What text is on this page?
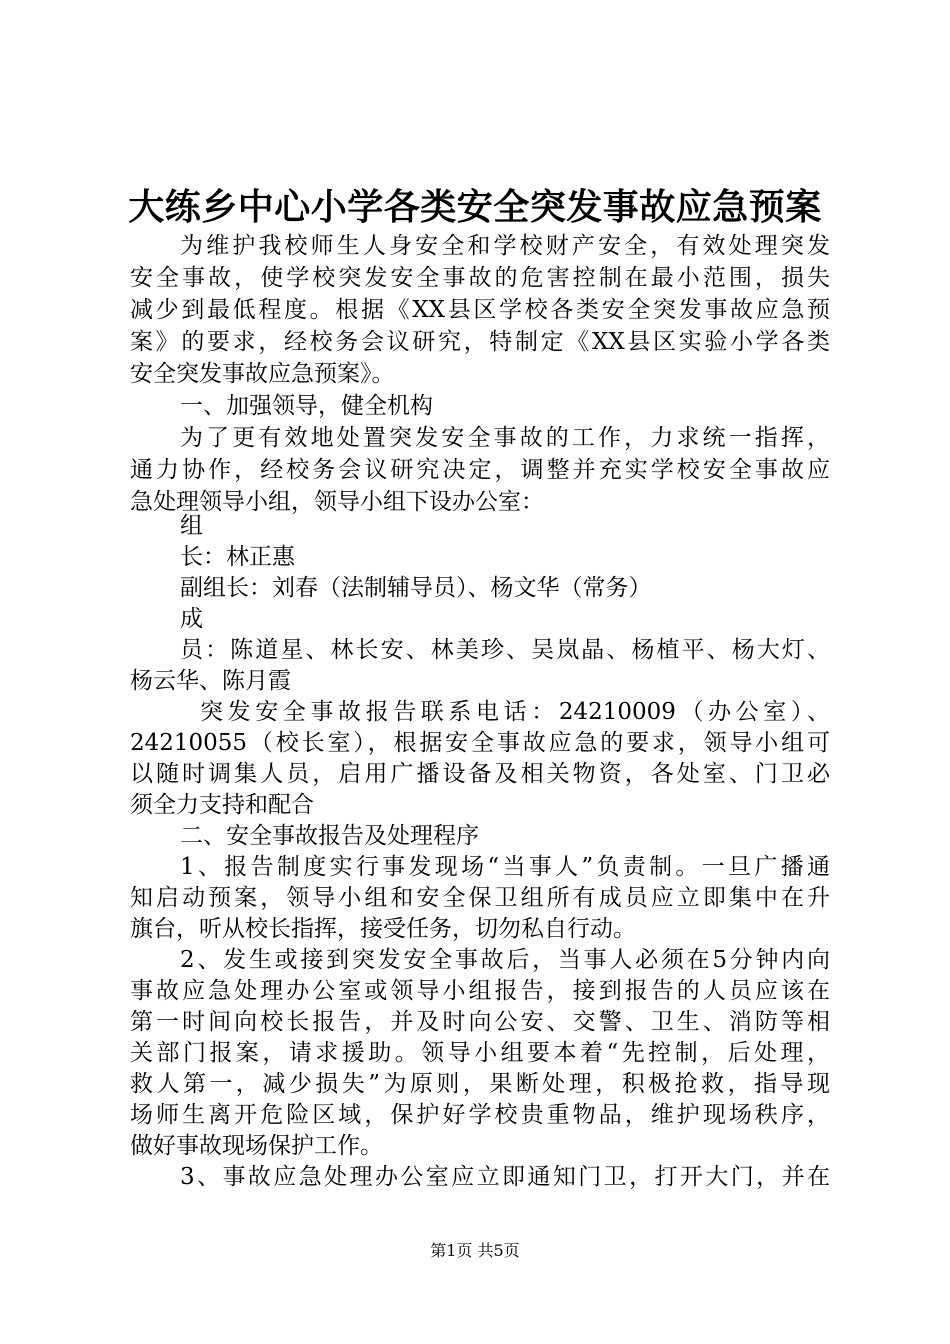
大练乡中心小学各类安全突发事故应急预案
为维护我校师生人身安全和学校财产安全，有效处理突发
安全事故，使学校突发安全事故的危害控制在最小范围，损失
减少到最低程度。根据《XX县区学校各类安全突发事故应急预
案》的要求，经校务会议研究，特制定《XX县区实验小学各类
安全突发事故应急预案》。
一、加强领导，健全机构
为了更有效地处置突发安全事故的工作，力求统一指挥，
通力协作，经校务会议研究决定，调整并充实学校安全事故应
急处理领导小组，领导小组下设办公室：
组
长：林正惠
副组长：刘春（法制辅导员）、杨文华（常务）
成
员：陈道星、林长安、林美珍、吴岚晶、杨植平、杨大灯、
杨云华、陈月霞
突发安全事故报告联系电话：24210009（办公室）、
24210055（校长室），根据安全事故应急的要求，领导小组可
以随时调集人员，启用广播设备及相关物资，各处室、门卫必
须全力支持和配合
二、安全事故报告及处理程序
1、报告制度实行事发现场“当事人”负责制。一旦广播通
知启动预案，领导小组和安全保卫组所有成员应立即集中在升
旗台，听从校长指挥，接受任务，切勿私自行动。
2、发生或接到突发安全事故后，当事人必须在5分钟内向
事故应急处理办公室或领导小组报告，接到报告的人员应该在
第一时间向校长报告，并及时向公安、交警、卫生、消防等相
关部门报案，请求援助。领导小组要本着“先控制，后处理，
救人第一，减少损失”为原则，果断处理，积极抢救，指导现
场师生离开危险区域，保护好学校贵重物品，维护现场秩序，
做好事故现场保护工作。
3、事故应急处理办公室应立即通知门卫，打开大门，并在
第1页 共5页
